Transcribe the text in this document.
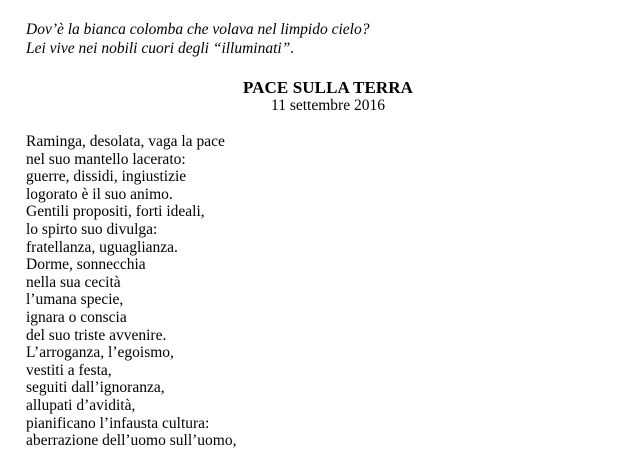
Dov’è la bianca colomba che volava nel limpido cielo?

Lei vive nei nobili cuori degli “illuminati”.

PACE SULLA TERRA

11 settembre 2016

Raminga, desolata, vaga la pace
nel suo mantello lacerato:
guerre, dissidi, ingiustizie
logorato è il suo animo.
Gentili propositi, forti ideali,
lo spirto suo divulga:
fratellanza, uguaglianza.
Dorme, sonnecchia
nella sua cecità
l’umana specie,
ignara o conscia
del suo triste avvenire.
L’arroganza, l’egoismo,
vestiti a festa,
seguiti dall’ignoranza,
allupati d’avidità,
pianificano l’infausta cultura:
aberrazione dell’uomo sull’uomo,
